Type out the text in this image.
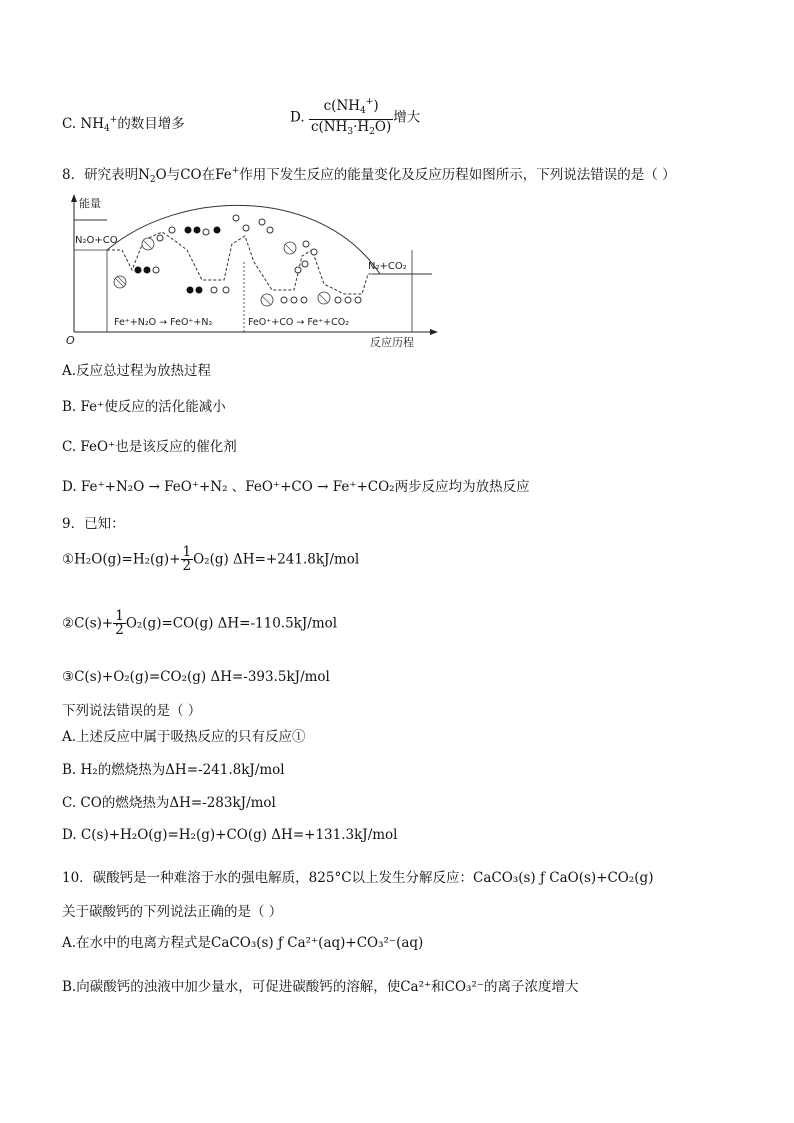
C. $NH_4^+$的数目增多	D. $\frac{c(NH_4^+)}{c(NH_3\cdot H_2O)}$ 增大
8．研究表明$N_2O$与CO在Fe+作用下发生反应的能量变化及反应历程如图所示，下列说法错误的是（ ）
能量
O	反应历程
N₂O+CO
N₂+CO₂
Fe⁺+N₂O → FeO⁺+N₂	FeO⁺+CO → Fe⁺+CO₂
A.反应总过程为放热过程
B. Fe⁺使反应的活化能减小
C. FeO⁺也是该反应的催化剂
D. Fe⁺+N₂O → FeO⁺+N₂ 、FeO⁺+CO → Fe⁺+CO₂两步反应均为放热反应
9．已知：
①H₂O(g)=H₂(g)+ $\frac{1}{2} O_2(g)$ ΔH=+241.8kJ/mol
②C(s)+ $\frac{1}{2} O_2(g)=CO(g)$ ΔH=-110.5kJ/mol
③C(s)+O₂(g)=CO₂(g) ΔH=-393.5kJ/mol
下列说法错误的是（ ）
A.上述反应中属于吸热反应的只有反应①
B. H₂的燃烧热为ΔH=-241.8kJ/mol
C. CO的燃烧热为ΔH=-283kJ/mol
D. C(s)+H₂O(g)=H₂(g)+CO(g) ΔH=+131.3kJ/mol
10．碳酸钙是一种难溶于水的强电解质，825°C以上发生分解反应：CaCO₃(s) ƒ CaO(s)+CO₂(g)
关于碳酸钙的下列说法正确的是（ ）
A.在水中的电离方程式是CaCO₃(s) ƒ Ca²⁺(aq)+CO₃²⁻(aq)
B.向碳酸钙的浊液中加少量水，可促进碳酸钙的溶解，使Ca²⁺和CO₃²⁻的离子浓度增大
